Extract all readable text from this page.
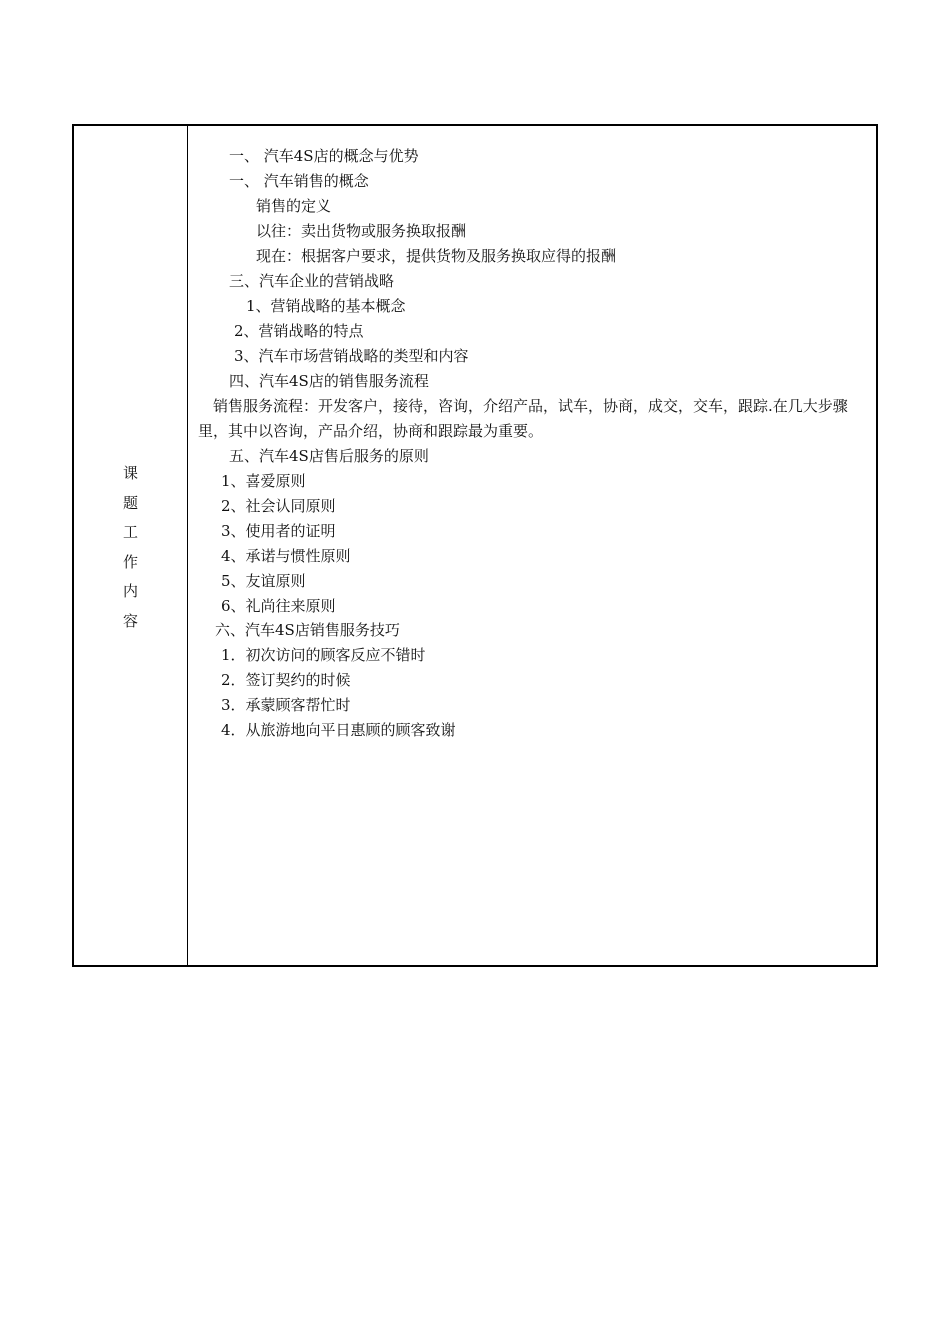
课
题
工
作
内
容
一、 汽车4S店的概念与优势
一、 汽车销售的概念
销售的定义
以往：卖出货物或服务换取报酬
现在：根据客户要求，提供货物及服务换取应得的报酬
三、汽车企业的营销战略
1、营销战略的基本概念
2、营销战略的特点
3、汽车市场营销战略的类型和内容
四、汽车4S店的销售服务流程
销售服务流程：开发客户，接待，咨询，介绍产品，试车，协商，成交，交车，跟踪.在几大步骤里，其中以咨询，产品介绍，协商和跟踪最为重要。
五、汽车4S店售后服务的原则
1、喜爱原则
2、社会认同原则
3、使用者的证明
4、承诺与惯性原则
5、友谊原则
6、礼尚往来原则
六、汽车4S店销售服务技巧
1．初次访问的顾客反应不错时
2．签订契约的时候
3．承蒙顾客帮忙时
4．从旅游地向平日惠顾的顾客致谢
